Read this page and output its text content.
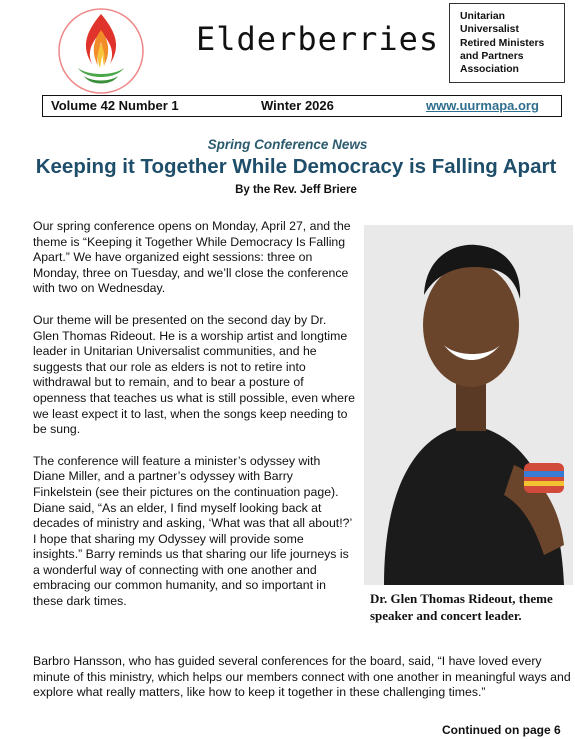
Elderberries
Unitarian
Universalist
Retired Ministers
and Partners
Association
Volume 42 Number 1	Winter 2026	www.uurmapa.org
Spring Conference News
Keeping it Together While Democracy is Falling Apart
By the Rev. Jeff Briere

Our spring conference opens on Monday, April 27, and the theme is “Keeping it Together While Democracy Is Falling Apart.” We have organized eight sessions: three on Monday, three on Tuesday, and we’ll close the conference with two on Wednesday.

Our theme will be presented on the second day by Dr. Glen Thomas Rideout. He is a worship artist and longtime leader in Unitarian Universalist communities, and he suggests that our role as elders is not to retire into withdrawal but to remain, and to bear a posture of openness that teaches us what is still possible, even where we least expect it to last, when the songs keep needing to be sung.

The conference will feature a minister’s odyssey with Diane Miller, and a partner’s odyssey with Barry Finkelstein (see their pictures on the continuation page). Diane said, “As an elder, I find myself looking back at decades of ministry and asking, ‘What was that all about!?’ I hope that sharing my Odyssey will provide some insights.” Barry reminds us that sharing our life journeys is a wonderful way of connecting with one another and embracing our common humanity, and so important in these dark times.	Dr. Glen Thomas Rideout, theme speaker and concert leader.
Barbro Hansson, who has guided several conferences for the board, said, “I have loved every minute of this ministry, which helps our members connect with one another in meaningful ways and explore what really matters, like how to keep it together in these challenging times.”
Continued on page 6
